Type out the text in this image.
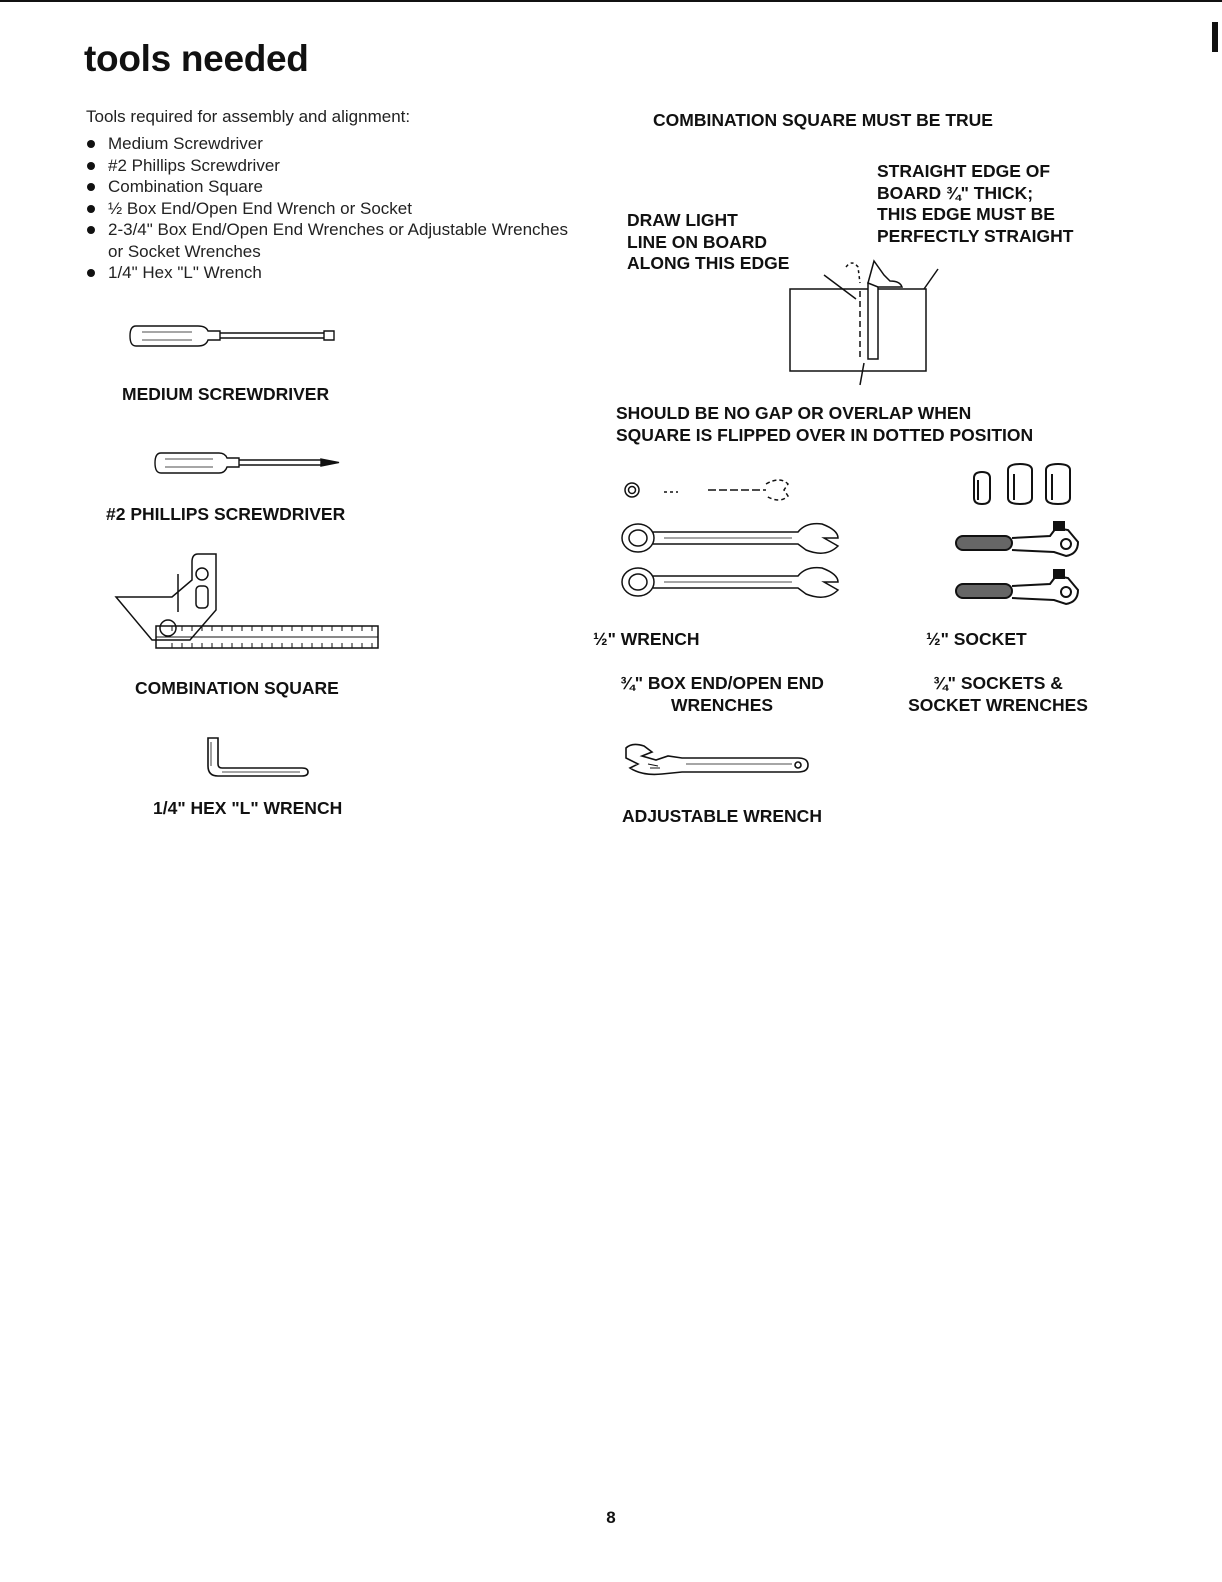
tools needed
Tools required for assembly and alignment:
Medium Screwdriver
#2 Phillips Screwdriver
Combination Square
½ Box End/Open End Wrench or Socket
2-3/4" Box End/Open End Wrenches or Adjustable Wrenches or Socket Wrenches
1/4" Hex "L" Wrench
MEDIUM SCREWDRIVER
#2 PHILLIPS SCREWDRIVER
COMBINATION SQUARE
1/4" HEX "L" WRENCH
COMBINATION SQUARE MUST BE TRUE
DRAW LIGHT
LINE ON BOARD
ALONG THIS EDGE
STRAIGHT EDGE OF
BOARD ¾" THICK;
THIS EDGE MUST BE
PERFECTLY STRAIGHT
SHOULD BE NO GAP OR OVERLAP WHEN
SQUARE IS FLIPPED OVER IN DOTTED POSITION
½" WRENCH	½" SOCKET
¾" BOX END/OPEN END
WRENCHES
¾" SOCKETS &
SOCKET WRENCHES
ADJUSTABLE WRENCH
8
